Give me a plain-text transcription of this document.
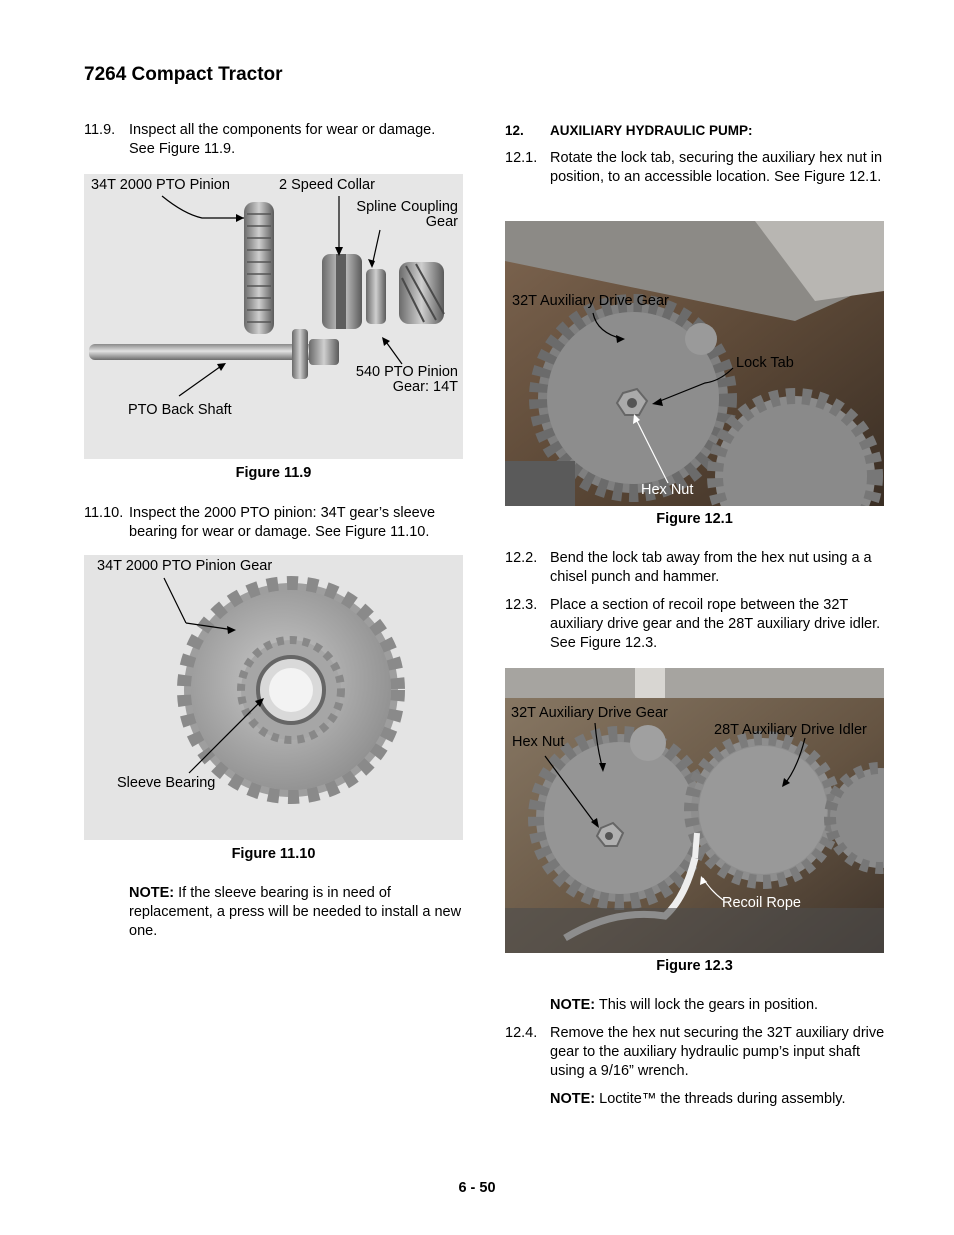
7264 Compact Tractor
11.9. Inspect all the components for wear or damage. See Figure 11.9.
34T 2000 PTO Pinion	2 Speed Collar
Spline Coupling Gear
540 PTO Pinion Gear: 14T
PTO Back Shaft
Figure 11.9
11.10. Inspect the 2000 PTO pinion: 34T gear’s sleeve bearing for wear or damage. See Figure 11.10.
34T 2000 PTO Pinion Gear
Sleeve Bearing
Figure 11.10
NOTE: If the sleeve bearing is in need of replacement, a press will be needed to install a new one.
12. AUXILIARY HYDRAULIC PUMP:
12.1. Rotate the lock tab, securing the auxiliary hex nut in position, to an accessible location. See Figure 12.1.
32T Auxiliary Drive Gear
Lock Tab
Hex Nut
Figure 12.1
12.2. Bend the lock tab away from the hex nut using a a chisel punch and hammer.
12.3. Place a section of recoil rope between the 32T auxiliary drive gear and the 28T auxiliary drive idler. See Figure 12.3.
32T Auxiliary Drive Gear
Hex Nut
28T Auxiliary Drive Idler
Recoil Rope
Figure 12.3
NOTE: This will lock the gears in position.
12.4. Remove the hex nut securing the 32T auxiliary drive gear to the auxiliary hydraulic pump’s input shaft using a 9/16” wrench.
NOTE: Loctite™ the threads during assembly.
6 - 50
